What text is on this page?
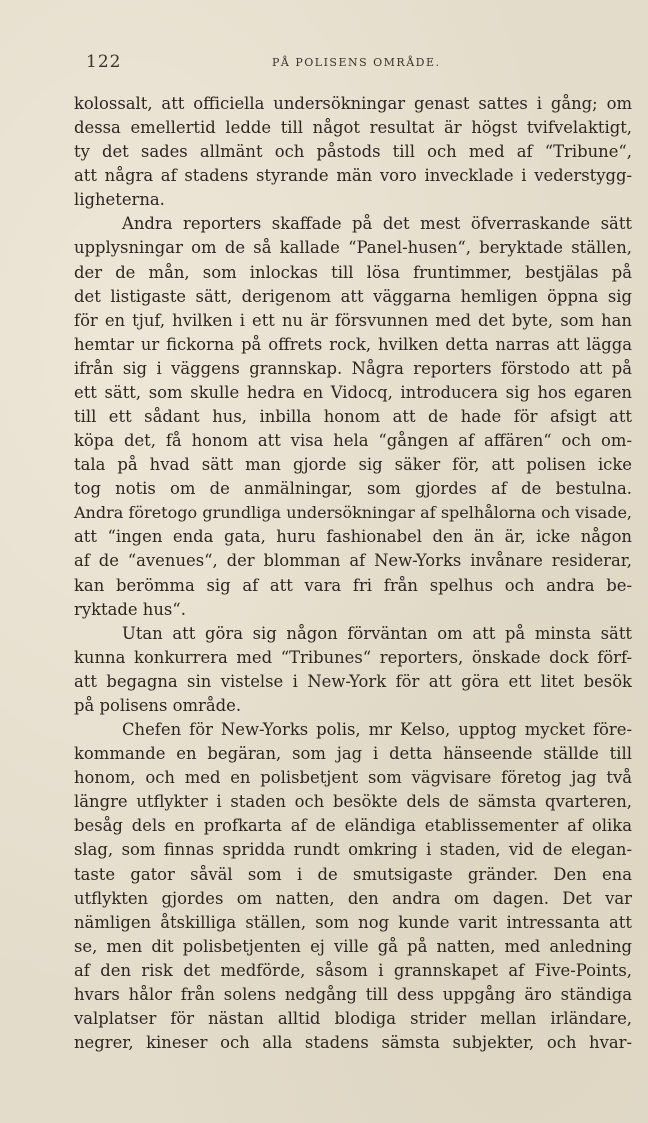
122	PÅ POLISENS OMRÅDE.
kolossalt, att officiella undersökningar genast sattes i gång; om
dessa emellertid ledde till något resultat är högst tvifvelaktigt,
ty det sades allmänt och påstods till och med af “Tribune“,
att några af stadens styrande män voro invecklade i vederstygg-
ligheterna.
Andra reporters skaffade på det mest öfverraskande sätt
upplysningar om de så kallade “Panel-husen“, beryktade ställen,
der de mån, som inlockas till lösa fruntimmer, bestjälas på
det listigaste sätt, derigenom att väggarna hemligen öppna sig
för en tjuf, hvilken i ett nu är försvunnen med det byte, som han
hemtar ur fickorna på offrets rock, hvilken detta narras att lägga
ifrån sig i väggens grannskap. Några reporters förstodo att på
ett sätt, som skulle hedra en Vidocq, introducera sig hos egaren
till ett sådant hus, inbilla honom att de hade för afsigt att
köpa det, få honom att visa hela “gången af affären“ och om-
tala på hvad sätt man gjorde sig säker för, att polisen icke
tog notis om de anmälningar, som gjordes af de bestulna.
Andra företogo grundliga undersökningar af spelhålorna och visade,
att “ingen enda gata, huru fashionabel den än är, icke någon
af de “avenues“, der blomman af New-Yorks invånare residerar,
kan berömma sig af att vara fri från spelhus och andra be-
ryktade hus“.
Utan att göra sig någon förväntan om att på minsta sätt
kunna konkurrera med “Tribunes“ reporters, önskade dock förf-
att begagna sin vistelse i New-York för att göra ett litet besök
på polisens område.
Chefen för New-Yorks polis, mr Kelso, upptog mycket före-
kommande en begäran, som jag i detta hänseende ställde till
honom, och med en polisbetjent som vägvisare företog jag två
längre utflykter i staden och besökte dels de sämsta qvarteren,
besåg dels en profkarta af de eländiga etablissementer af olika
slag, som finnas spridda rundt omkring i staden, vid de elegan-
taste gator såväl som i de smutsigaste gränder. Den ena
utflykten gjordes om natten, den andra om dagen. Det var
nämligen åtskilliga ställen, som nog kunde varit intressanta att
se, men dit polisbetjenten ej ville gå på natten, med anledning
af den risk det medförde, såsom i grannskapet af Five-Points,
hvars hålor från solens nedgång till dess uppgång äro ständiga
valplatser för nästan alltid blodiga strider mellan irländare,
negrer, kineser och alla stadens sämsta subjekter, och hvar-
